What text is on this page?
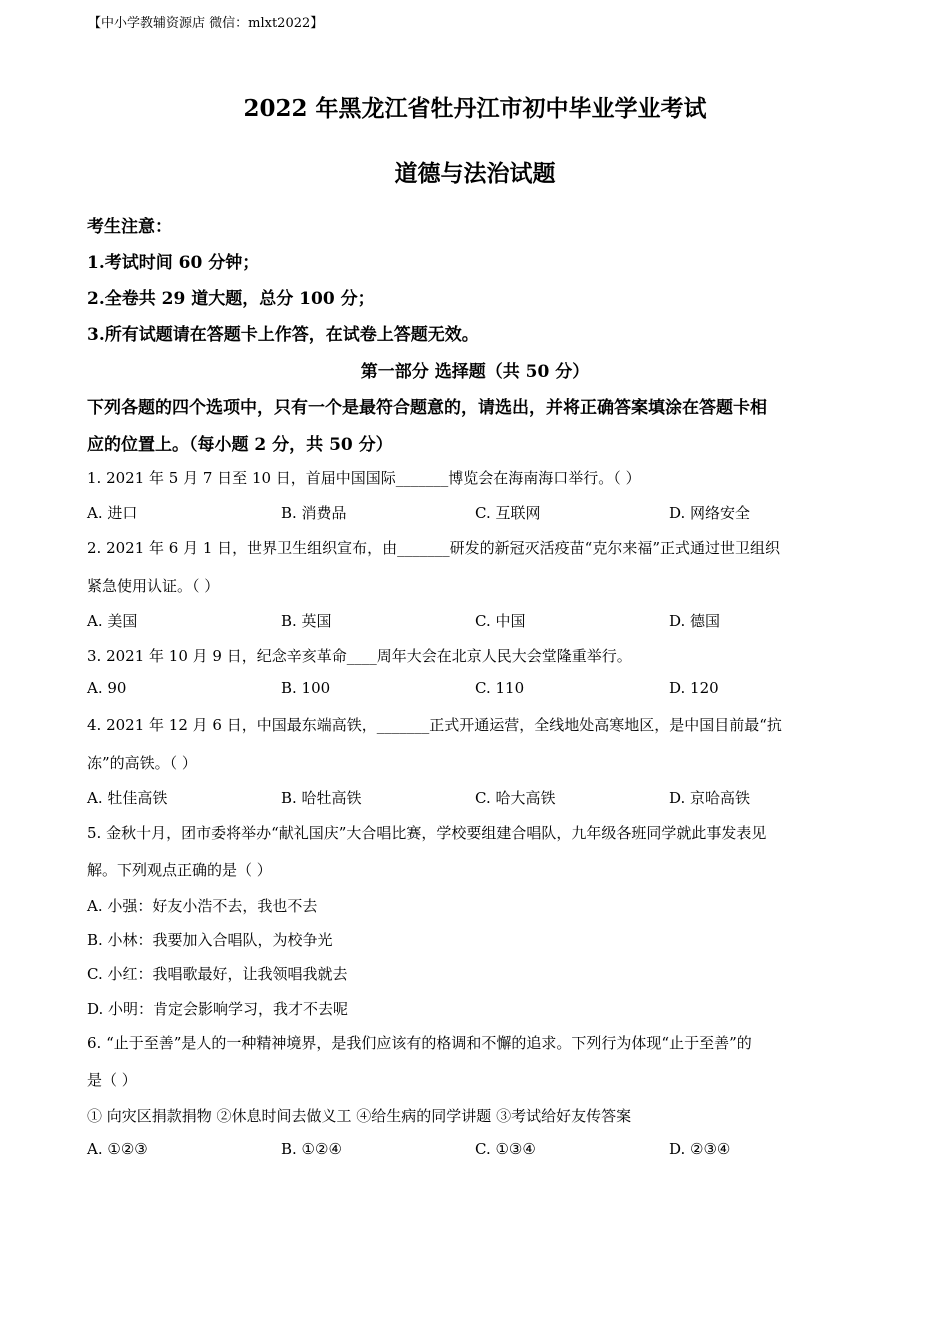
【中小学教辅资源店 微信：mlxt2022】
2022 年黑龙江省牡丹江市初中毕业学业考试
道德与法治试题
考生注意：
1.考试时间 60 分钟；
2.全卷共 29 道大题，总分 100 分；
3.所有试题请在答题卡上作答，在试卷上答题无效。
第一部分 选择题（共 50 分）
下列各题的四个选项中，只有一个是最符合题意的，请选出，并将正确答案填涂在答题卡相
应的位置上。（每小题 2 分，共 50 分）
1. 2021 年 5 月 7 日至 10 日，首届中国国际_______博览会在海南海口举行。（ ）
A. 进口	B. 消费品	C. 互联网	D. 网络安全
2. 2021 年 6 月 1 日，世界卫生组织宣布，由_______研发的新冠灭活疫苗“克尔来福”正式通过世卫组织
紧急使用认证。（ ）
A. 美国	B. 英国	C. 中国	D. 德国
3. 2021 年 10 月 9 日，纪念辛亥革命____周年大会在北京人民大会堂隆重举行。
A. 90	B. 100	C. 110	D. 120
4. 2021 年 12 月 6 日，中国最东端高铁，_______正式开通运营，全线地处高寒地区，是中国目前最“抗
冻”的高铁。（ ）
A. 牡佳高铁	B. 哈牡高铁	C. 哈大高铁	D. 京哈高铁
5. 金秋十月，团市委将举办“献礼国庆”大合唱比赛，学校要组建合唱队，九年级各班同学就此事发表见
解。下列观点正确的是（ ）
A. 小强：好友小浩不去，我也不去
B. 小林：我要加入合唱队，为校争光
C. 小红：我唱歌最好，让我领唱我就去
D. 小明：肯定会影响学习，我才不去呢
6. “止于至善”是人的一种精神境界，是我们应该有的格调和不懈的追求。下列行为体现“止于至善”的
是（ ）
① 向灾区捐款捐物 ②休息时间去做义工 ④给生病的同学讲题 ③考试给好友传答案
A. ①②③	B. ①②④	C. ①③④	D. ②③④
